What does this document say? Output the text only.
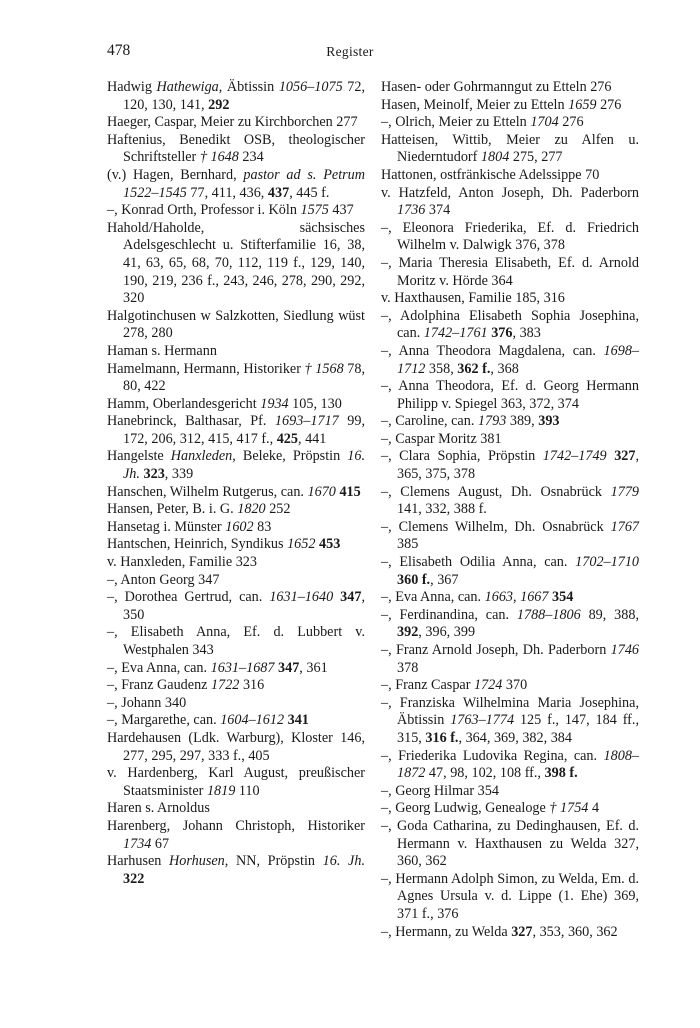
478	Register
Hadwig Hathewiga, Äbtissin 1056–1075 72, 120, 130, 141, 292
Haeger, Caspar, Meier zu Kirchborchen 277
Haftenius, Benedikt OSB, theologischer Schriftsteller † 1648 234
(v.) Hagen, Bernhard, pastor ad s. Petrum 1522–1545 77, 411, 436, 437, 445 f.
–, Konrad Orth, Professor i. Köln 1575 437
Hahold/Haholde, sächsisches Adelsgeschlecht u. Stifterfamilie 16, 38, 41, 63, 65, 68, 70, 112, 119 f., 129, 140, 190, 219, 236 f., 243, 246, 278, 290, 292, 320
Halgotinchusen w Salzkotten, Siedlung wüst 278, 280
Haman s. Hermann
Hamelmann, Hermann, Historiker † 1568 78, 80, 422
Hamm, Oberlandesgericht 1934 105, 130
Hanebrinck, Balthasar, Pf. 1693–1717 99, 172, 206, 312, 415, 417 f., 425, 441
Hangelste Hanxleden, Beleke, Pröpstin 16. Jh. 323, 339
Hanschen, Wilhelm Rutgerus, can. 1670 415
Hansen, Peter, B. i. G. 1820 252
Hansetag i. Münster 1602 83
Hantschen, Heinrich, Syndikus 1652 453
v. Hanxleden, Familie 323
–, Anton Georg 347
–, Dorothea Gertrud, can. 1631–1640 347, 350
–, Elisabeth Anna, Ef. d. Lubbert v. Westphalen 343
–, Eva Anna, can. 1631–1687 347, 361
–, Franz Gaudenz 1722 316
–, Johann 340
–, Margarethe, can. 1604–1612 341
Hardehausen (Ldk. Warburg), Kloster 146, 277, 295, 297, 333 f., 405
v. Hardenberg, Karl August, preußischer Staatsminister 1819 110
Haren s. Arnoldus
Harenberg, Johann Christoph, Historiker 1734 67
Harhusen Horhusen, NN, Pröpstin 16. Jh. 322
Hasen- oder Gohrmanngut zu Etteln 276
Hasen, Meinolf, Meier zu Etteln 1659 276
–, Olrich, Meier zu Etteln 1704 276
Hatteisen, Wittib, Meier zu Alfen u. Niederntudorf 1804 275, 277
Hattonen, ostfränkische Adelssippe 70
v. Hatzfeld, Anton Joseph, Dh. Paderborn 1736 374
–, Eleonora Friederika, Ef. d. Friedrich Wilhelm v. Dalwigk 376, 378
–, Maria Theresia Elisabeth, Ef. d. Arnold Moritz v. Hörde 364
v. Haxthausen, Familie 185, 316
–, Adolphina Elisabeth Sophia Josephina, can. 1742–1761 376, 383
–, Anna Theodora Magdalena, can. 1698–1712 358, 362 f., 368
–, Anna Theodora, Ef. d. Georg Hermann Philipp v. Spiegel 363, 372, 374
–, Caroline, can. 1793 389, 393
–, Caspar Moritz 381
–, Clara Sophia, Pröpstin 1742–1749 327, 365, 375, 378
–, Clemens August, Dh. Osnabrück 1779 141, 332, 388 f.
–, Clemens Wilhelm, Dh. Osnabrück 1767 385
–, Elisabeth Odilia Anna, can. 1702–1710 360 f., 367
–, Eva Anna, can. 1663, 1667 354
–, Ferdinandina, can. 1788–1806 89, 388, 392, 396, 399
–, Franz Arnold Joseph, Dh. Paderborn 1746 378
–, Franz Caspar 1724 370
–, Franziska Wilhelmina Maria Josephina, Äbtissin 1763–1774 125 f., 147, 184 ff., 315, 316 f., 364, 369, 382, 384
–, Friederika Ludovika Regina, can. 1808–1872 47, 98, 102, 108 ff., 398 f.
–, Georg Hilmar 354
–, Georg Ludwig, Genealoge † 1754 4
–, Goda Catharina, zu Dedinghausen, Ef. d. Hermann v. Haxthausen zu Welda 327, 360, 362
–, Hermann Adolph Simon, zu Welda, Em. d. Agnes Ursula v. d. Lippe (1. Ehe) 369, 371 f., 376
–, Hermann, zu Welda 327, 353, 360, 362
